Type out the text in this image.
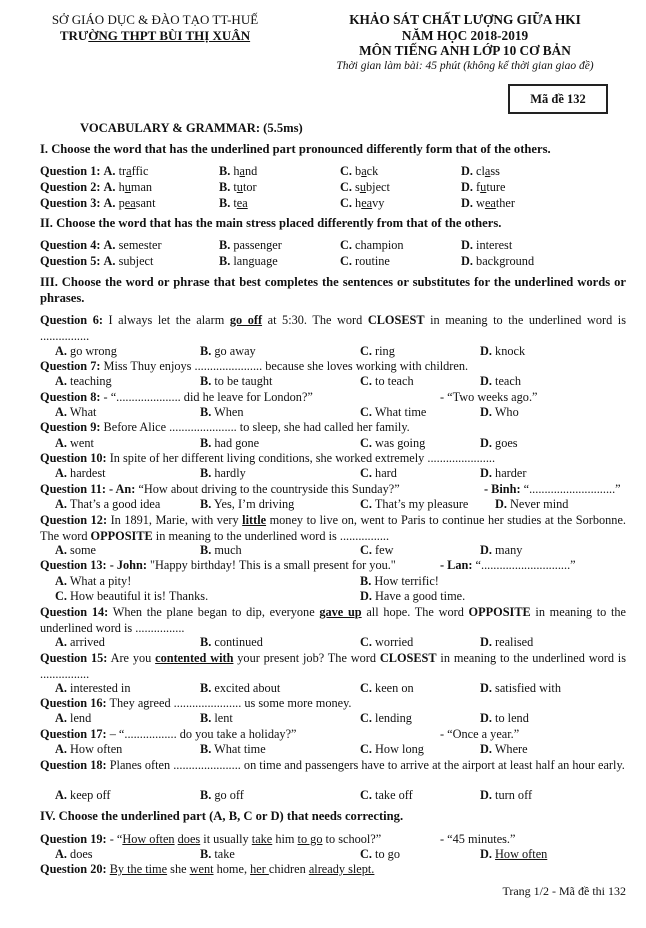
SỞ GIÁO DỤC & ĐÀO TẠO TT-HUẾ
TRƯỜNG THPT BÙI THỊ XUÂN
KHẢO SÁT CHẤT LƯỢNG GIỮA HKI
NĂM HỌC 2018-2019
MÔN TIẾNG ANH LỚP 10 CƠ BẢN
Thời gian làm bài: 45 phút (không kể thời gian giao đề)
Mã đề 132
VOCABULARY & GRAMMAR: (5.5ms)
I. Choose the word that has the underlined part pronounced differently form that of the others.
Question 1: A. traffic	B. hand	C. back	D. class
Question 2: A. human	B. tutor	C. subject	D. future
Question 3: A. peasant	B. tea	C. heavy	D. weather
II. Choose the word that has the main stress placed differently from that of the others.
Question 4: A. semester	B. passenger	C. champion	D. interest
Question 5: A. subject	B. language	C. routine	D. background
III. Choose the word or phrase that best completes the sentences or substitutes for the underlined words or phrases.
Question 6: I always let the alarm go off at 5:30. The word CLOSEST in meaning to the underlined word is ................
A. go wrong	B. go away	C. ring	D. knock
Question 7: Miss Thuy enjoys ...................... because she loves working with children.
A. teaching	B. to be taught	C. to teach	D. teach
Question 8: - “..................... did he leave for London?”	- “Two weeks ago.”
A. What	B. When	C. What time	D. Who
Question 9: Before Alice ...................... to sleep, she had called her family.
A. went	B. had gone	C. was going	D. goes
Question 10: In spite of her different living conditions, she worked extremely ......................
A. hardest	B. hardly	C. hard	D. harder
Question 11: - An: “How about driving to the countryside this Sunday?”	- Binh: “............................”
A. That’s a good idea	B. Yes, I’m driving	C. That’s my pleasure D. Never mind
Question 12: In 1891, Marie, with very little money to live on, went to Paris to continue her studies at the Sorbonne. The word OPPOSITE in meaning to the underlined word is ................
A. some	B. much	C. few	D. many
Question 13: - John: "Happy birthday! This is a small present for you."	- Lan: “.............................”
A. What a pity!	B. How terrific!
C. How beautiful it is! Thanks.	D. Have a good time.
Question 14: When the plane began to dip, everyone gave up all hope. The word OPPOSITE in meaning to the underlined word is ................
A. arrived	B. continued	C. worried	D. realised
Question 15: Are you contented with your present job? The word CLOSEST in meaning to the underlined word is ................
A. interested in	B. excited about	C. keen on	D. satisfied with
Question 16: They agreed ...................... us some more money.
A. lend	B. lent	C. lending	D. to lend
Question 17: – “................. do you take a holiday?”	- “Once a year.”
A. How often	B. What time	C. How long	D. Where
Question 18: Planes often ...................... on time and passengers have to arrive at the airport at least half an hour early.
A. keep off	B. go off	C. take off	D. turn off
IV. Choose the underlined part (A, B, C or D) that needs correcting.
Question 19: - “How often does it usually take him to go to school?”	- “45 minutes.”
A. does	B. take	C. to go	D. How often
Question 20: By the time she went home, her chidren already slept.
Trang 1/2 - Mã đề thi 132
